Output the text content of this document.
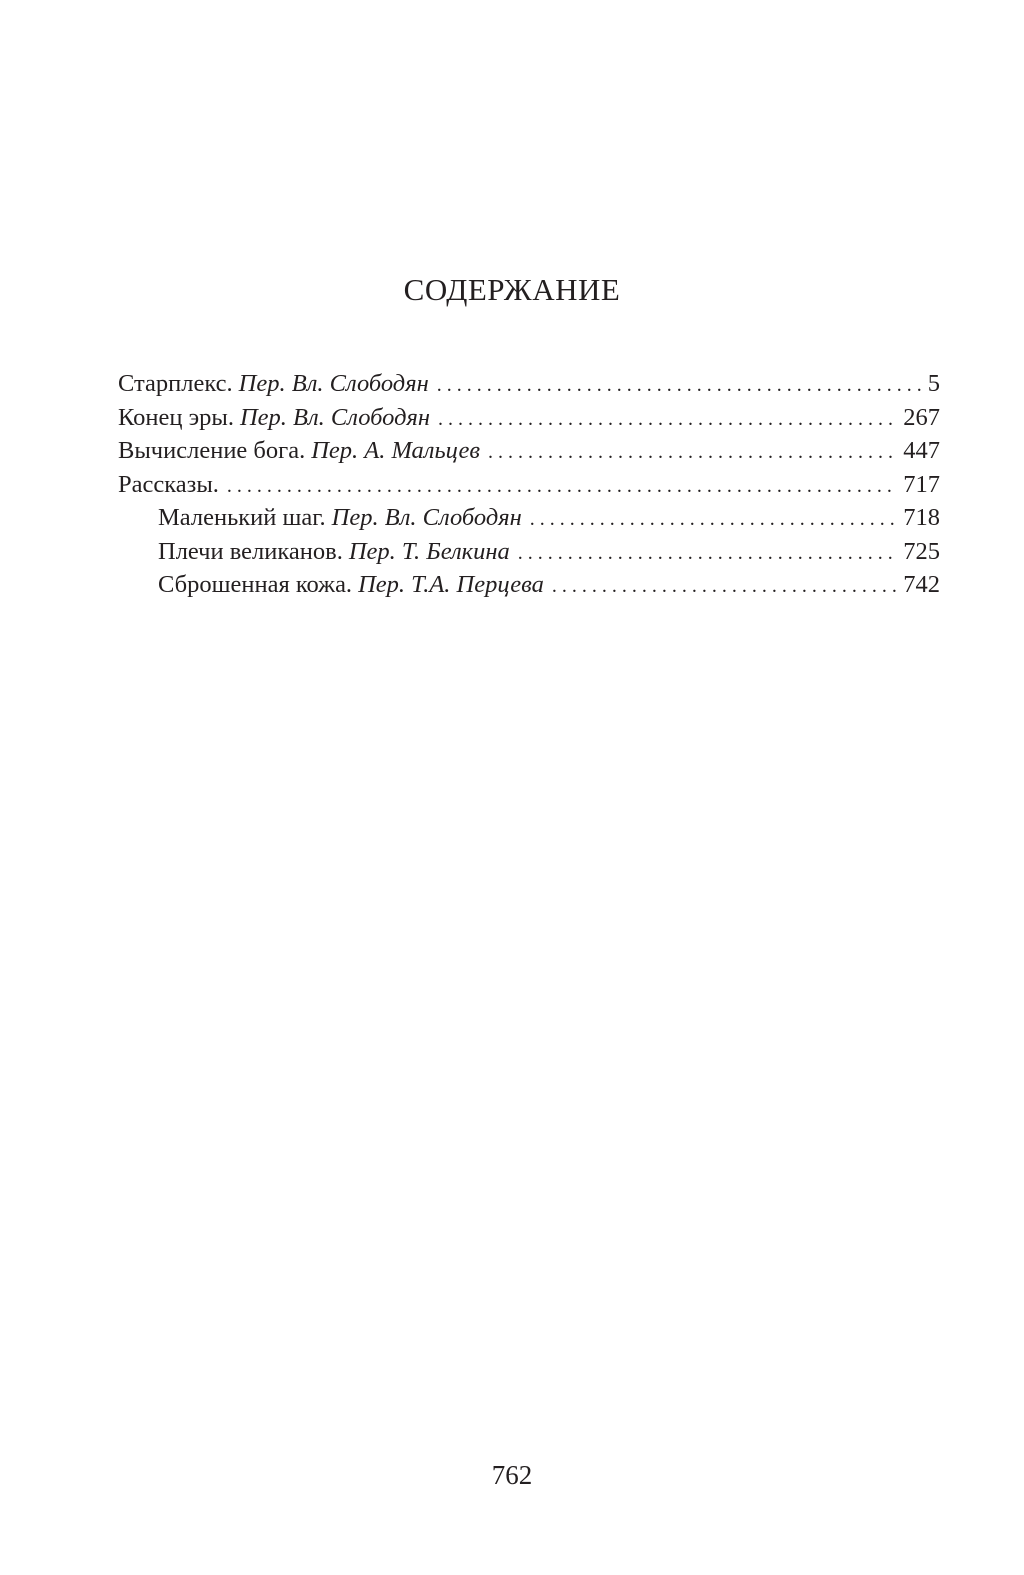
СОДЕРЖАНИЕ
Старплекс. Пер. Вл. Слободян . . .	5
Конец эры. Пер. Вл. Слободян . . .	267
Вычисление бога. Пер. А. Мальцев . . .	447
Рассказы. . . .	717
Маленький шаг. Пер. Вл. Слободян . . .	718
Плечи великанов. Пер. Т. Белкина . . .	725
Сброшенная кожа. Пер. Т.А. Перцева . . .	742
762
